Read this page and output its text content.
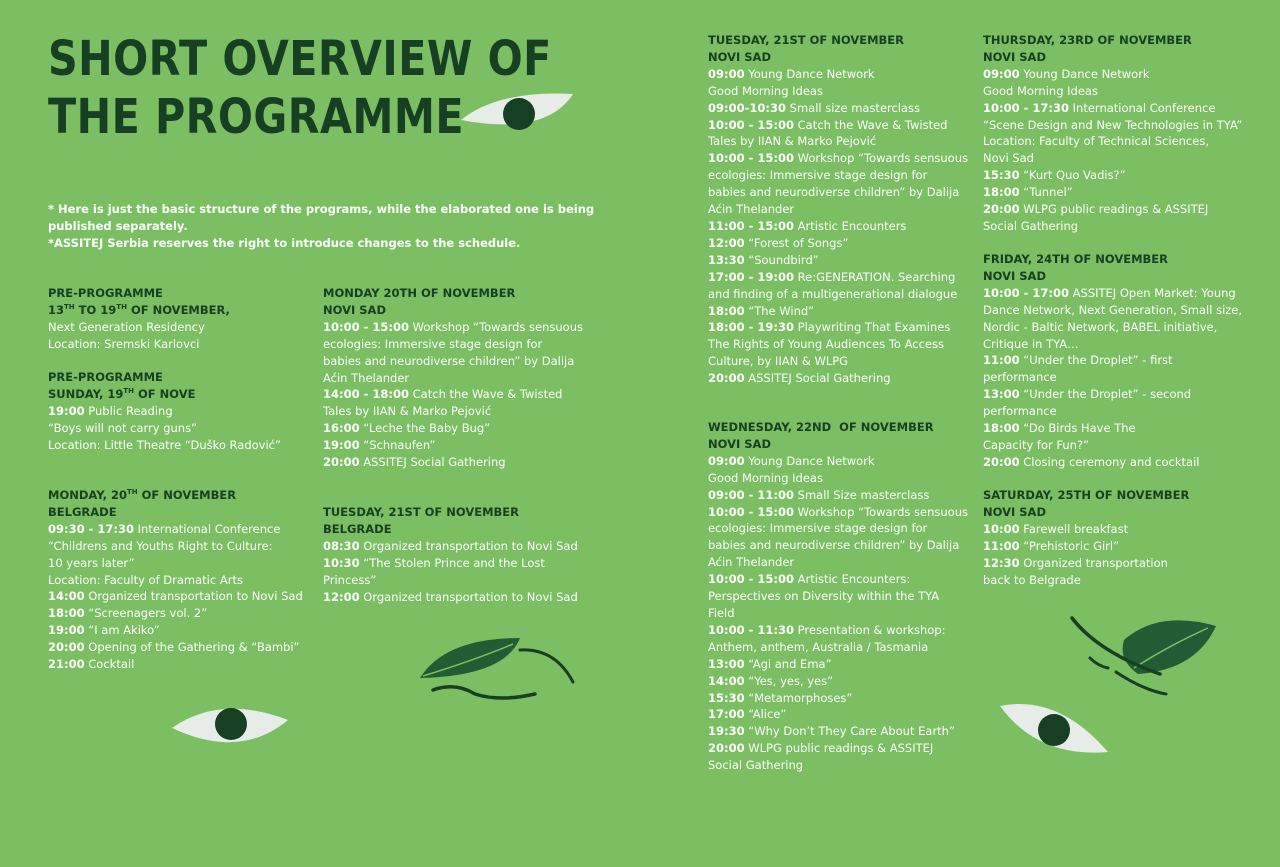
SHORT OVERVIEW OF
THE PROGRAMME
* Here is just the basic structure of the programs, while the elaborated one is being
published separately.
*ASSITEJ Serbia reserves the right to introduce changes to the schedule.
PRE-PROGRAMME
13TH TO 19TH OF NOVEMBER,
Next Generation Residency
Location: Sremski Karlovci
PRE-PROGRAMME
SUNDAY, 19TH OF NOVE
19:00 Public Reading
“Boys will not carry guns”
Location: Little Theatre “Duško Radović”
MONDAY, 20TH OF NOVEMBER
BELGRADE
09:30 - 17:30 International Conference
“Childrens and Youths Right to Culture:
10 years later”
Location: Faculty of Dramatic Arts
14:00 Organized transportation to Novi Sad
18:00 “Screenagers vol. 2”
19:00 “I am Akiko”
20:00 Opening of the Gathering & “Bambi”
21:00 Cocktail
MONDAY 20TH OF NOVEMBER
NOVI SAD
10:00 - 15:00 Workshop “Towards sensuous
ecologies: Immersive stage design for
babies and neurodiverse children” by Dalija
Aćin Thelander
14:00 - 18:00 Catch the Wave & Twisted
Tales by IIAN & Marko Pejović
16:00 “Leche the Baby Bug”
19:00 “Schnaufen”
20:00 ASSITEJ Social Gathering
TUESDAY, 21ST OF NOVEMBER
BELGRADE
08:30 Organized transportation to Novi Sad
10:30 “The Stolen Prince and the Lost
Princess”
12:00 Organized transportation to Novi Sad
TUESDAY, 21ST OF NOVEMBER
NOVI SAD
09:00 Young Dance Network
Good Morning Ideas
09:00-10:30 Small size masterclass
10:00 - 15:00 Catch the Wave & Twisted
Tales by IIAN & Marko Pejović
10:00 - 15:00 Workshop “Towards sensuous
ecologies: Immersive stage design for
babies and neurodiverse children” by Dalija
Aćin Thelander
11:00 - 15:00 Artistic Encounters
12:00 “Forest of Songs”
13:30 “Soundbird”
17:00 - 19:00 Re:GENERATION. Searching
and finding of a multigenerational dialogue
18:00 “The Wind”
18:00 - 19:30 Playwriting That Examines
The Rights of Young Audiences To Access
Culture, by IIAN & WLPG
20:00 ASSITEJ Social Gathering
WEDNESDAY, 22ND  OF NOVEMBER
NOVI SAD
09:00 Young Dance Network
Good Morning Ideas
09:00 - 11:00 Small Size masterclass
10:00 - 15:00 Workshop “Towards sensuous
ecologies: Immersive stage design for
babies and neurodiverse children” by Dalija
Aćin Thelander
10:00 - 15:00 Artistic Encounters:
Perspectives on Diversity within the TYA
Field
10:00 - 11:30 Presentation & workshop:
Anthem, anthem, Australia / Tasmania
13:00 “Agi and Ema”
14:00 “Yes, yes, yes”
15:30 “Metamorphoses”
17:00 “Alice”
19:30 “Why Don’t They Care About Earth”
20:00 WLPG public readings & ASSITEJ
Social Gathering
THURSDAY, 23RD OF NOVEMBER
NOVI SAD
09:00 Young Dance Network
Good Morning Ideas
10:00 - 17:30 International Conference
“Scene Design and New Technologies in TYA”
Location: Faculty of Technical Sciences,
Novi Sad
15:30 “Kurt Quo Vadis?”
18:00 “Tunnel”
20:00 WLPG public readings & ASSITEJ
Social Gathering
FRIDAY, 24TH OF NOVEMBER
NOVI SAD
10:00 - 17:00 ASSITEJ Open Market: Young
Dance Network, Next Generation, Small size,
Nordic - Baltic Network, BABEL initiative,
Critique in TYA…
11:00 “Under the Droplet” - first
performance
13:00 “Under the Droplet” - second
performance
18:00 “Do Birds Have The
Capacity for Fun?”
20:00 Closing ceremony and cocktail
SATURDAY, 25TH OF NOVEMBER
NOVI SAD
10:00 Farewell breakfast
11:00 “Prehistoric Girl”
12:30 Organized transportation
back to Belgrade
